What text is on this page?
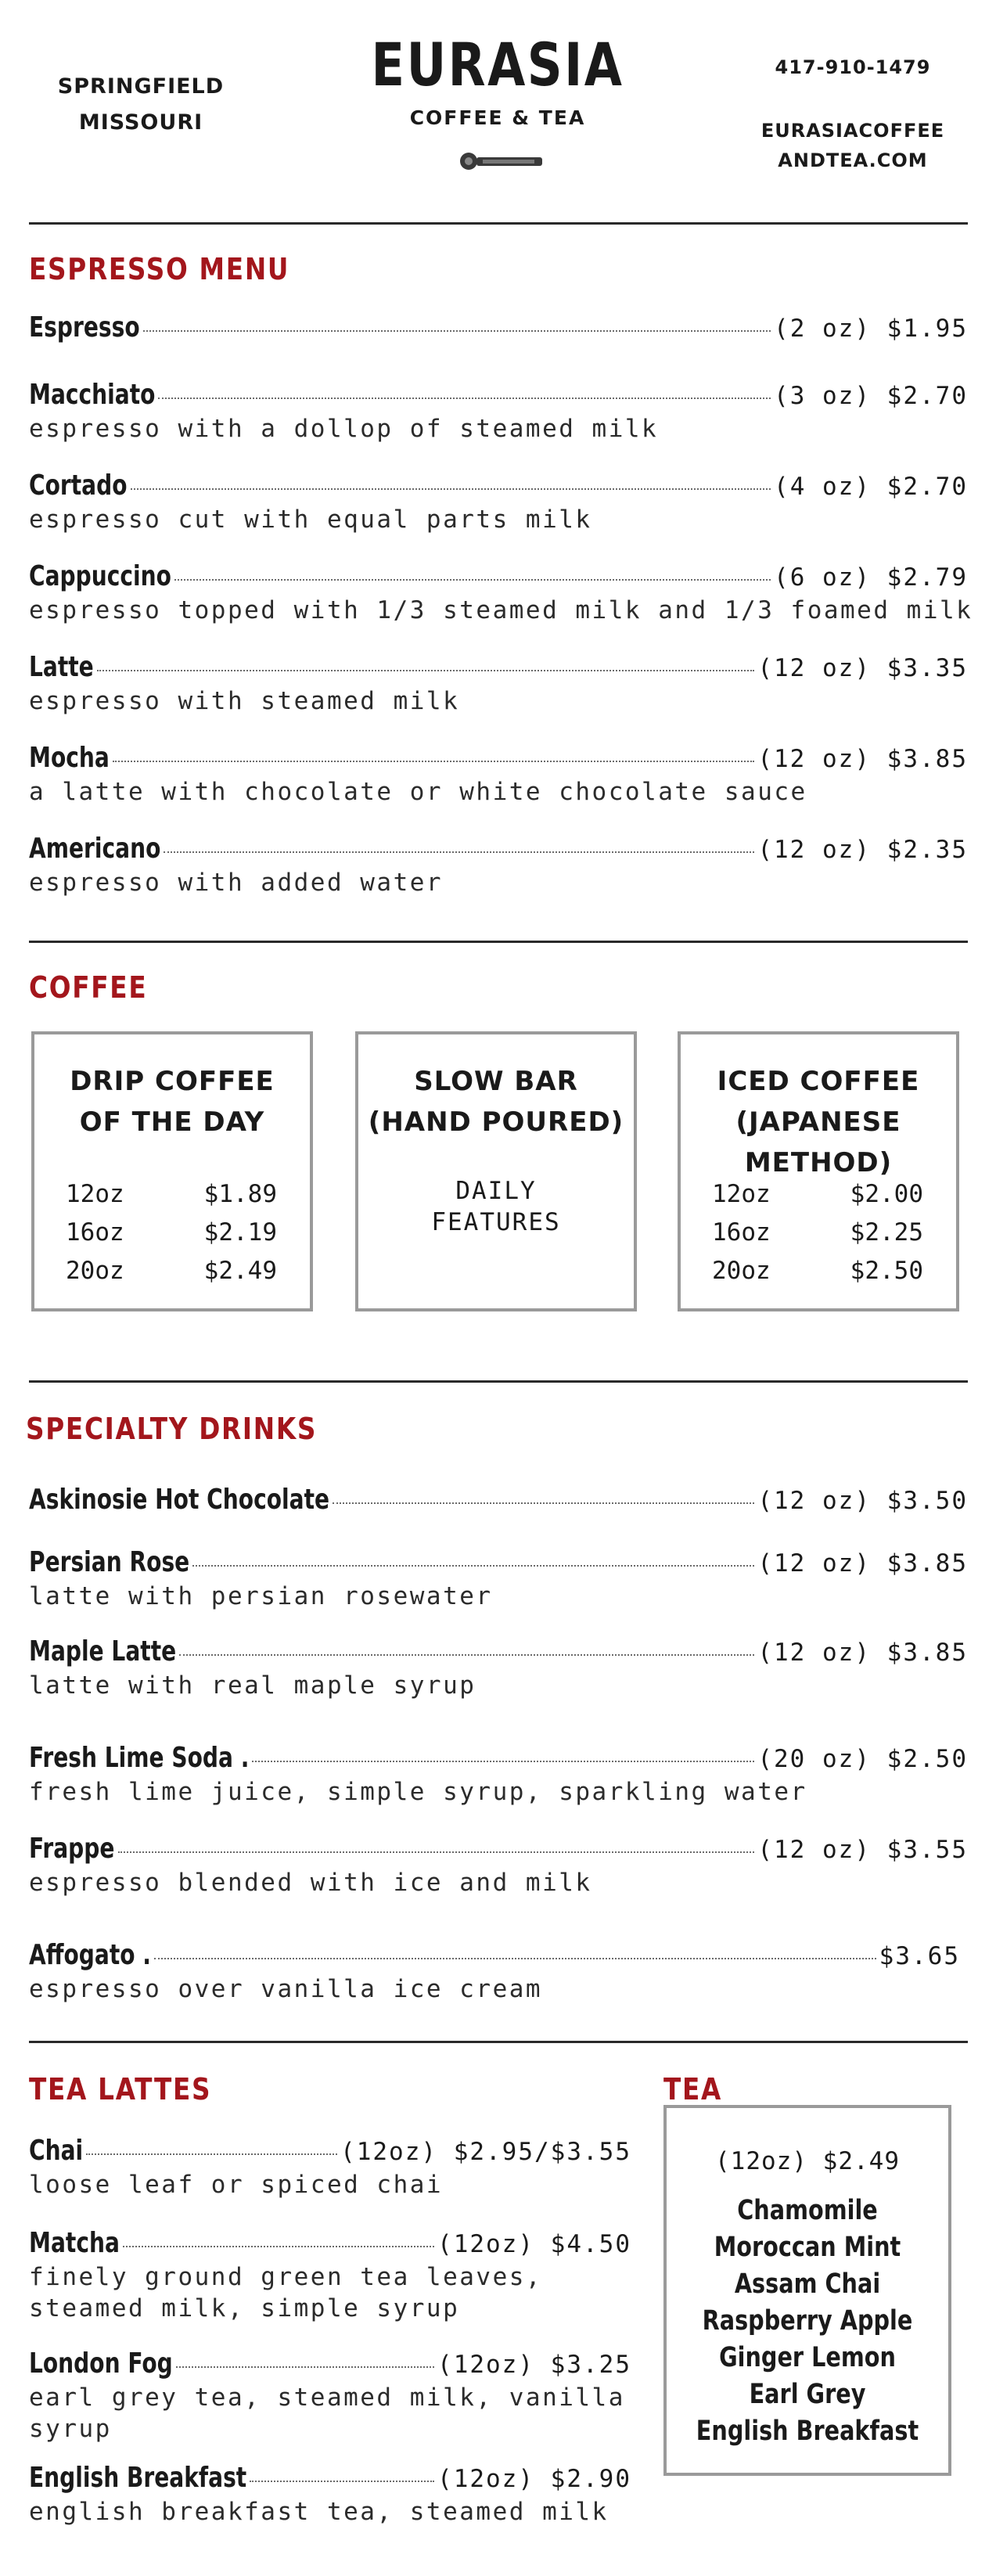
SPRINGFIELD
MISSOURI
EURASIA
COFFEE & TEA
417-910-1479
EURASIACOFFEE
ANDTEA.COM
ESPRESSO MENU
Espresso	(2 oz) $1.95
Macchiato	(3 oz) $2.70
espresso with a dollop of steamed milk
Cortado	(4 oz) $2.70
espresso cut with equal parts milk
Cappuccino	(6 oz) $2.79
espresso topped with 1/3 steamed milk and 1/3 foamed milk
Latte	(12 oz) $3.35
espresso with steamed milk
Mocha	(12 oz) $3.85
a latte with chocolate or white chocolate sauce
Americano	(12 oz) $2.35
espresso with added water
COFFEE
DRIP COFFEE
OF THE DAY
12oz	$1.89
16oz	$2.19
20oz	$2.49
SLOW BAR
(HAND POURED)
DAILY
FEATURES
ICED COFFEE
(JAPANESE METHOD)
12oz	$2.00
16oz	$2.25
20oz	$2.50
SPECIALTY DRINKS
Askinosie Hot Chocolate	(12 oz) $3.50
Persian Rose	(12 oz) $3.85
latte with persian rosewater
Maple Latte	(12 oz) $3.85
latte with real maple syrup
Fresh Lime Soda .	(20 oz) $2.50
fresh lime juice, simple syrup, sparkling water
Frappe	(12 oz) $3.55
espresso blended with ice and milk
Affogato .	$3.65
espresso over vanilla ice cream
TEA LATTES
Chai	(12oz) $2.95/$3.55
loose leaf or spiced chai
Matcha	(12oz) $4.50
finely ground green tea leaves,
steamed milk, simple syrup
London Fog	(12oz) $3.25
earl grey tea, steamed milk, vanilla
syrup
English Breakfast	(12oz) $2.90
english breakfast tea, steamed milk
TEA
(12oz) $2.49
Chamomile
Moroccan Mint
Assam Chai
Raspberry Apple
Ginger Lemon
Earl Grey
English Breakfast
